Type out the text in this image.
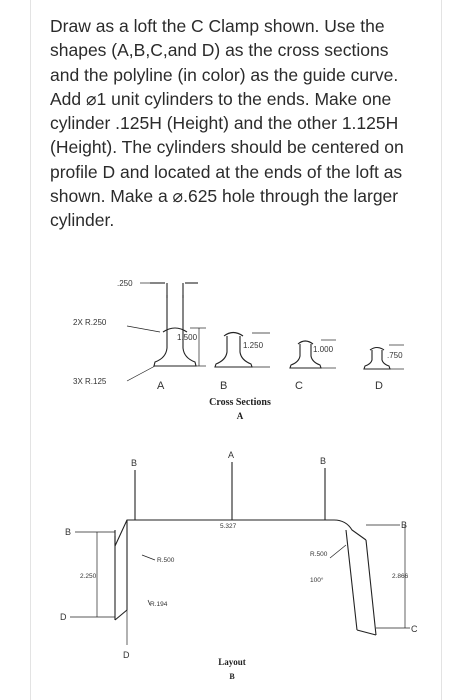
Draw as a loft the C Clamp shown. Use the

shapes (A,B,C,and D) as the cross sections

and the polyline (in color) as the guide curve.

Add ⌀1 unit cylinders to the ends. Make one

cylinder .125H (Height) and the other 1.125H

(Height). The cylinders should be centered on

profile D and located at the ends of the loft as

shown. Make a ⌀.625 hole through the larger

cylinder.

.250
2X R.250
3X R.125
1.500
1.250	1.000
.750
A	B	C	D
Cross Sections
A
A
B	B
B
B
C
D
D
5.327
R.500
R.500
R.194
2.250	2.866
100°
Layout
B
